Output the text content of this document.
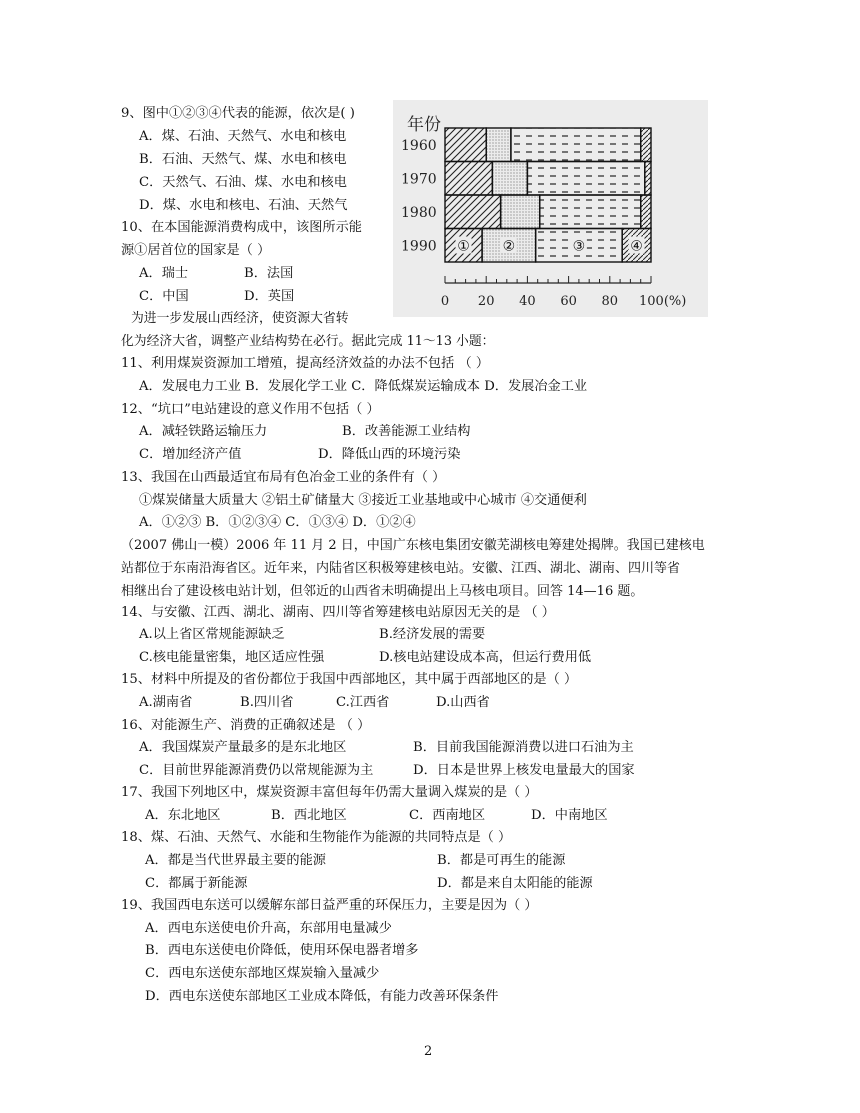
年份
① ②	③	④
1960
1970
1980
1990
0 20 40 60 80 100(%)
9、图中①②③④代表的能源，依次是( )
A．煤、石油、天然气、水电和核电
B．石油、天然气、煤、水电和核电
C．天然气、石油、煤、水电和核电
D．煤、水电和核电、石油、天然气
10、在本国能源消费构成中，该图所示能
源①居首位的国家是（ ）
A．瑞士	B．法国
C．中国	D．英国
为进一步发展山西经济，使资源大省转
化为经济大省，调整产业结构势在必行。据此完成 11～13 小题：
11、利用煤炭资源加工增殖，提高经济效益的办法不包括 （ ）
A．发展电力工业 B．发展化学工业 C．降低煤炭运输成本 D．发展冶金工业
12、“坑口”电站建设的意义作用不包括（ ）
A．减轻铁路运输压力	B．改善能源工业结构
C．增加经济产值	D．降低山西的环境污染
13、我国在山西最适宜布局有色冶金工业的条件有（ ）
①煤炭储量大质量大 ②铝土矿储量大 ③接近工业基地或中心城市 ④交通便利
A．①②③ B．①②③④ C．①③④ D．①②④
（2007 佛山一模）2006 年 11 月 2 日，中国广东核电集团安徽芜湖核电筹建处揭牌。我国已建核电
站都位于东南沿海省区。近年来，内陆省区积极筹建核电站。安徽、江西、湖北、湖南、四川等省
相继出台了建设核电站计划，但邻近的山西省未明确提出上马核电项目。回答 14—16 题。
14、与安徽、江西、湖北、湖南、四川等省筹建核电站原因无关的是 （ ）
A.以上省区常规能源缺乏	B.经济发展的需要
C.核电能量密集，地区适应性强	D.核电站建设成本高，但运行费用低
15、材料中所提及的省份都位于我国中西部地区，其中属于西部地区的是（ ）
A.湖南省	B.四川省	C.江西省	D.山西省
16、对能源生产、消费的正确叙述是 （ ）
A．我国煤炭产量最多的是东北地区	B．目前我国能源消费以进口石油为主
C．目前世界能源消费仍以常规能源为主	D．日本是世界上核发电量最大的国家
17、我国下列地区中，煤炭资源丰富但每年仍需大量调入煤炭的是（ ）
A．东北地区	B．西北地区	C．西南地区	D．中南地区
18、煤、石油、天然气、水能和生物能作为能源的共同特点是（ ）
A．都是当代世界最主要的能源	B．都是可再生的能源
C．都属于新能源	D．都是来自太阳能的能源
19、我国西电东送可以缓解东部日益严重的环保压力，主要是因为（ ）
A．西电东送使电价升高，东部用电量减少
B．西电东送使电价降低，使用环保电器者增多
C．西电东送使东部地区煤炭输入量减少
D．西电东送使东部地区工业成本降低，有能力改善环保条件
2
